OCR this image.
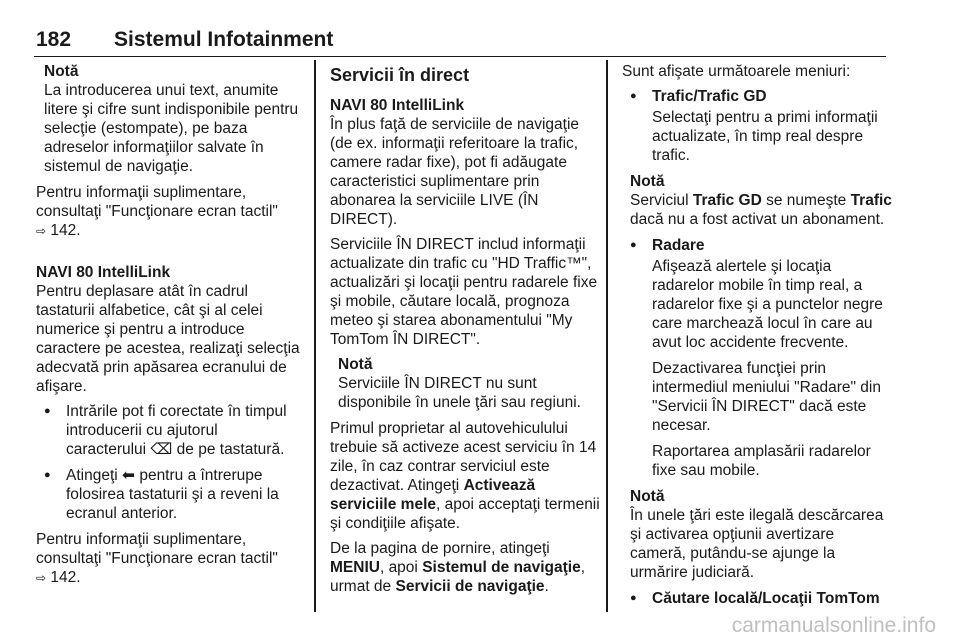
182 Sistemul Infotainment
Notă
La introducerea unui text, anumite litere şi cifre sunt indisponibile pentru selecţie (estompate), pe baza adreselor informaţiilor salvate în sistemul de navigaţie.

Pentru informaţii suplimentare, consultaţi "Funcţionare ecran tactil"
⇨ 142.

NAVI 80 IntelliLink

Pentru deplasare atât în cadrul tastaturii alfabetice, cât şi al celei numerice şi pentru a introduce caractere pe acestea, realizaţi selecţia adecvată prin apăsarea ecranului de afişare.

● Intrările pot fi corectate în timpul introducerii cu ajutorul caracterului ⌫ de pe tastatură.
● Atingeţi ⬅ pentru a întrerupe folosirea tastaturii şi a reveni la ecranul anterior.

Pentru informaţii suplimentare, consultaţi "Funcţionare ecran tactil"
⇨ 142.

Servicii în direct
NAVI 80 IntelliLink

În plus faţă de serviciile de navigaţie (de ex. informaţii referitoare la trafic, camere radar fixe), pot fi adăugate caracteristici suplimentare prin abonarea la serviciile LIVE (ÎN DIRECT).

Serviciile ÎN DIRECT includ informaţii actualizate din trafic cu "HD Traffic™", actualizări şi locaţii pentru radarele fixe şi mobile, căutare locală, prognoza meteo şi starea abonamentului "My TomTom ÎN DIRECT".

Notă
Serviciile ÎN DIRECT nu sunt disponibile în unele ţări sau regiuni.

Primul proprietar al autovehiculului trebuie să activeze acest serviciu în 14 zile, în caz contrar serviciul este dezactivat. Atingeţi Activează serviciile mele, apoi acceptaţi termenii şi condiţiile afişate.

De la pagina de pornire, atingeţi MENIU, apoi Sistemul de navigaţie, urmat de Servicii de navigaţie.

Sunt afişate următoarele meniuri:

● Trafic/Trafic GD
Selectaţi pentru a primi informaţii actualizate, în timp real despre trafic.
Notă
Serviciul Trafic GD se numeşte Trafic dacă nu a fost activat un abonament.
● Radare
Afişează alertele şi locaţia radarelor mobile în timp real, a radarelor fixe şi a punctelor negre care marchează locul în care au avut loc accidente frecvente.
Dezactivarea funcţiei prin intermediul meniului "Radare" din "Servicii ÎN DIRECT" dacă este necesar.
Raportarea amplasării radarelor fixe sau mobile.
Notă
În unele ţări este ilegală descărcarea şi activarea opţiunii avertizare cameră, putându-se ajunge la urmărire judiciară.
● Căutare locală/Locaţii TomTom
carmanualsonline.info
